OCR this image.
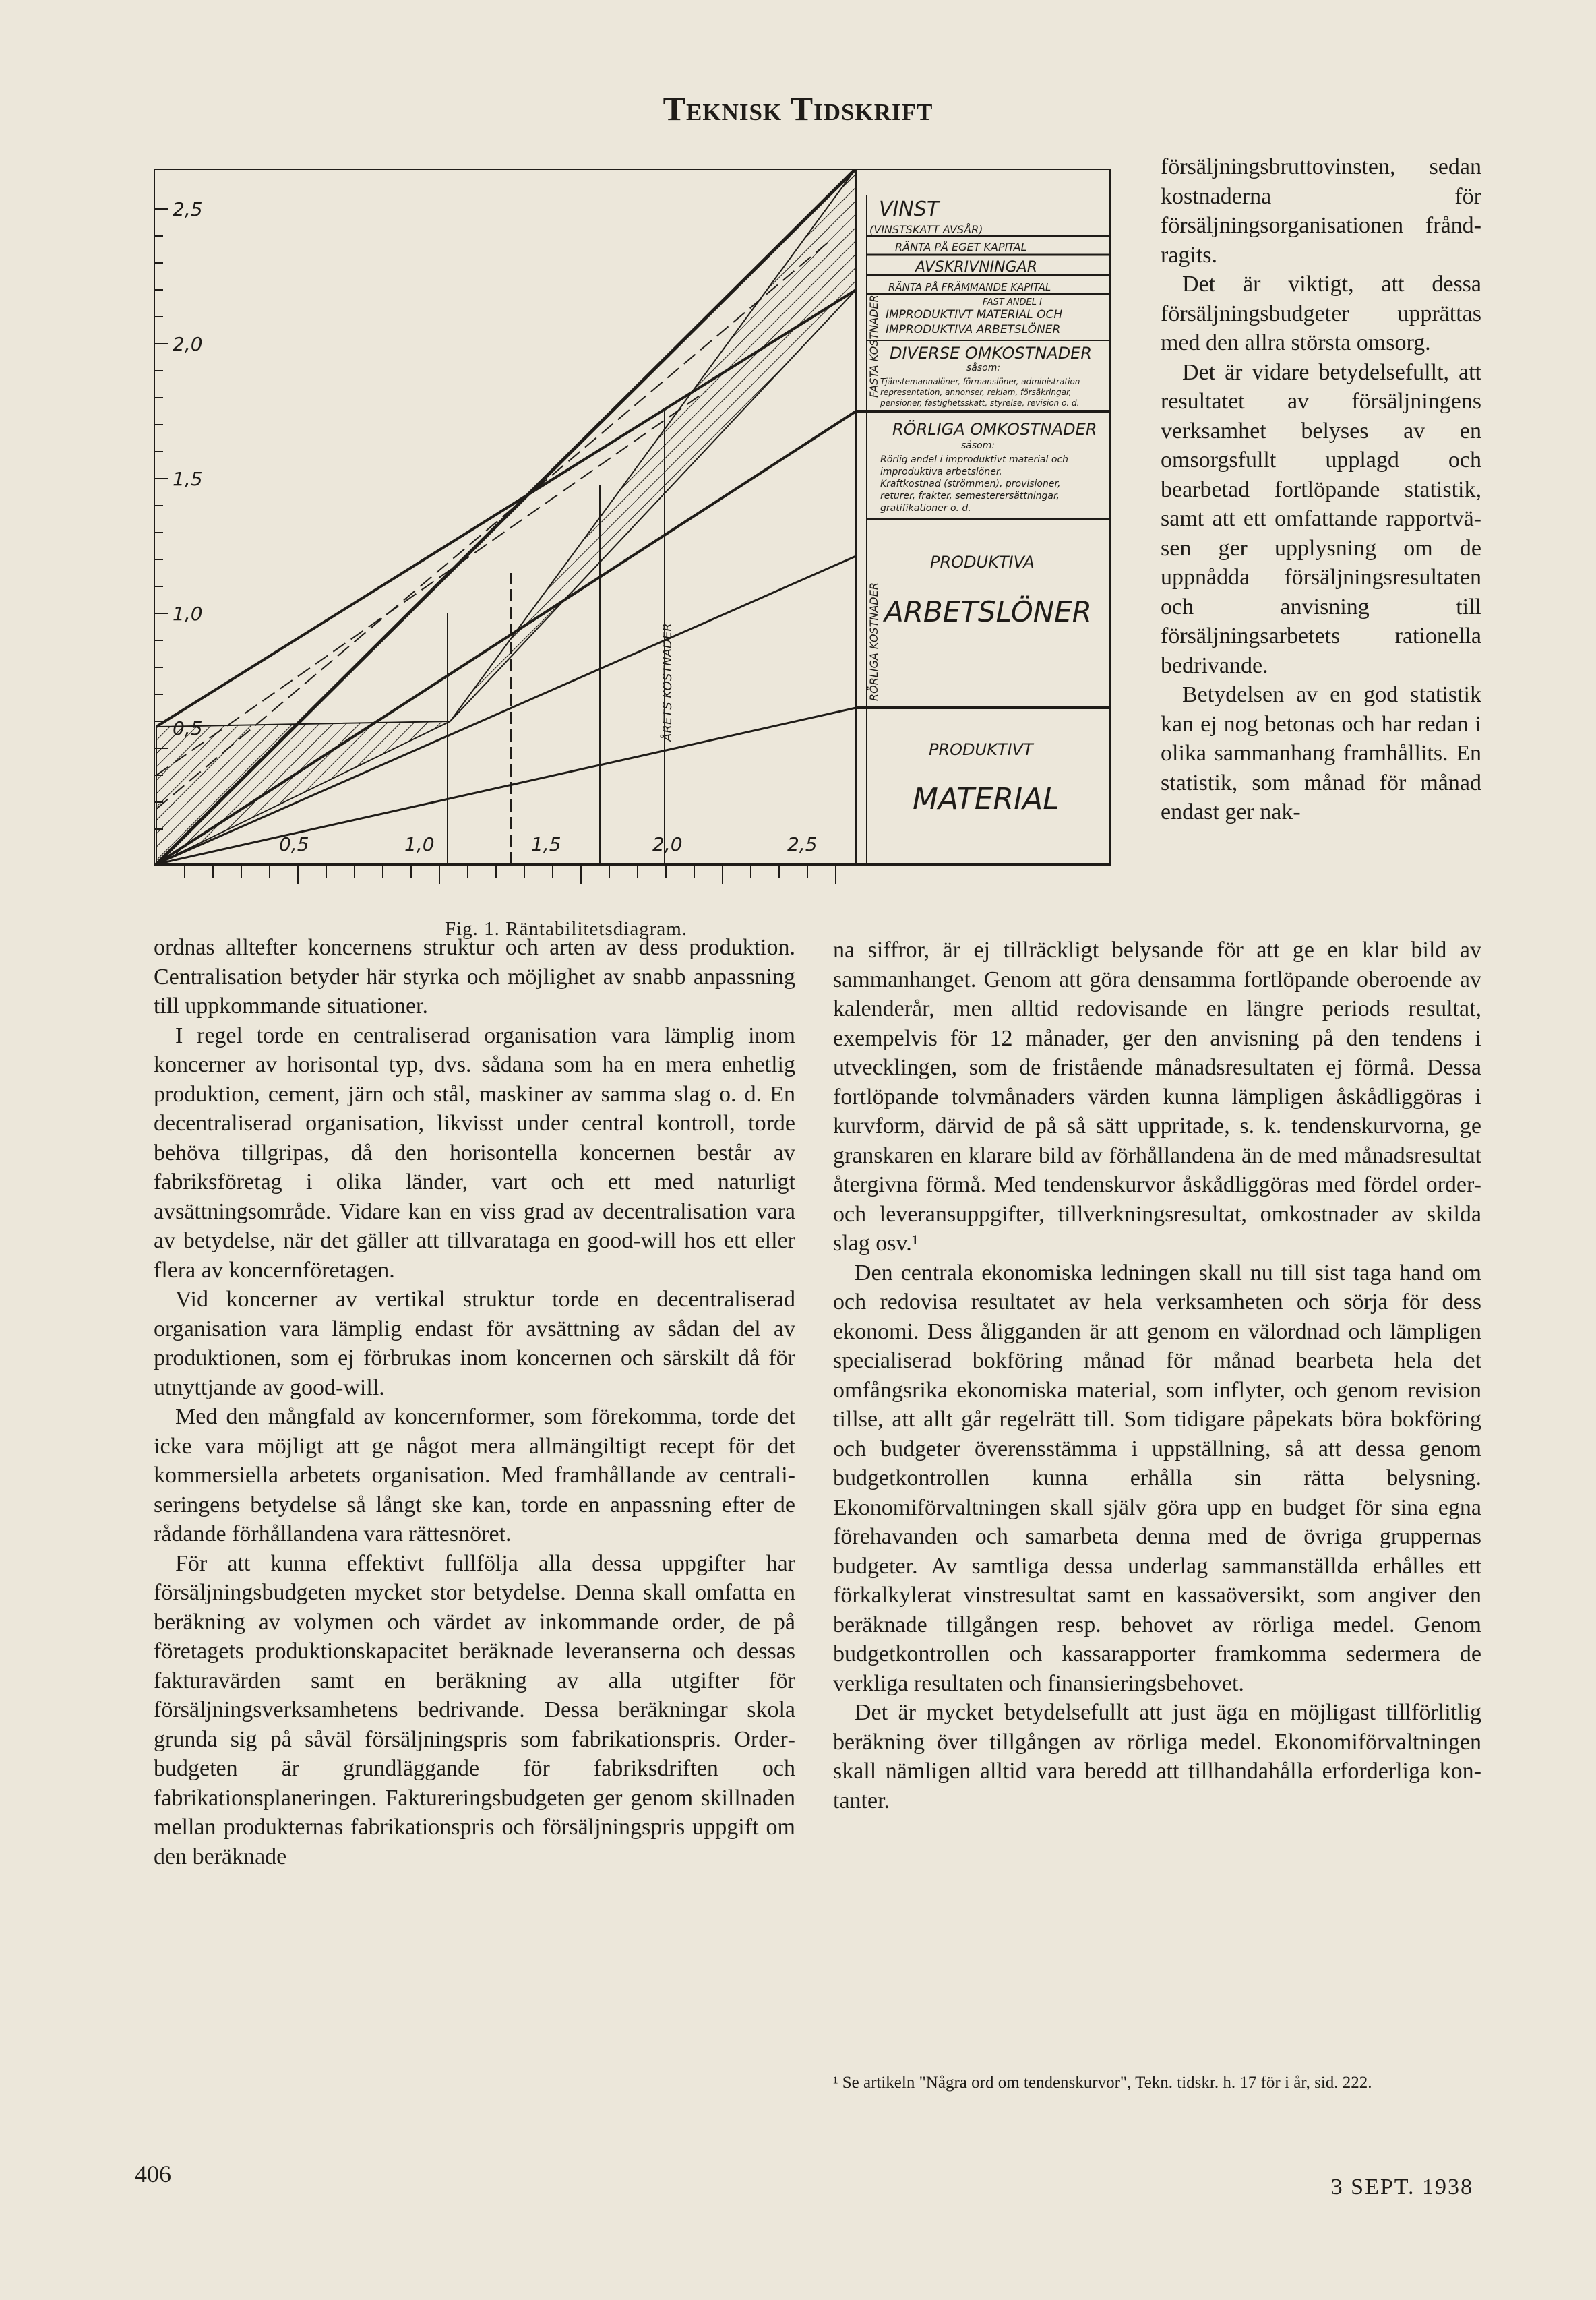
Teknisk Tidskrift
2,5
2,0
1,5
1,0
0,5
0,5	1,0	1,5	2,0	2,5
ÅRETS KOSTNADER
VINST
(VINSTSKATT AVSÅR)
RÄNTA PÅ EGET KAPITAL
AVSKRIVNINGAR
RÄNTA PÅ FRÄMMANDE KAPITAL
FAST ANDEL I
IMPRODUKTIVT MATERIAL OCH
IMPRODUKTIVA ARBETSLÖNER
DIVERSE OMKOSTNADER
såsom:
Tjänstemannalöner, förmanslöner, administration
representation, annonser, reklam, försäkringar,
pensioner, fastighetsskatt, styrelse, revision o. d.
FASTA KOSTNADER
RÖRLIGA OMKOSTNADER
såsom:
Rörlig andel i improduktivt material och
improduktiva arbetslöner.
Kraftkostnad (strömmen), provisioner,
returer, frakter, semesterersättningar,
gratifikationer o. d.
PRODUKTIVA
ARBETSLÖNER
RÖRLIGA KOSTNADER
PRODUKTIVT
MATERIAL
Fig. 1. Räntabilitetsdiagram.

försäljningsbruttovinsten, sedan kostnaderna för försäljningsorganisationen fråndragits.

Det är viktigt, att dessa försäljningsbudgeter upprättas med den allra största omsorg.

Det är vidare betydelsefullt, att resultatet av försäljningens verksamhet belyses av en omsorgsfullt upplagd och bearbetad fortlöpande statistik, samt att ett omfattande rapportväsen ger upplysning om de uppnådda försäljningsresultaten och anvisning till försäljningsarbetets rationella bedrivande.

Betydelsen av en god statistik kan ej nog betonas och har redan i olika sammanhang framhållits. En statistik, som månad för månad endast ger nak-

ordnas alltefter koncernens struktur och arten av dess produktion. Centralisation betyder här styrka och möjlighet av snabb anpassning till uppkommande situationer.

I regel torde en centraliserad organisation vara lämplig inom koncerner av horisontal typ, dvs. sådana som ha en mera enhetlig produktion, cement, järn och stål, maskiner av samma slag o. d. En decentraliserad organisation, likvisst under central kontroll, torde behöva tillgripas, då den horisontella koncernen består av fabriksföretag i olika länder, vart och ett med naturligt avsättningsområde. Vidare kan en viss grad av decentralisation vara av betydelse, när det gäller att tillvaratagа en good-will hos ett eller flera av koncernföretagen.

Vid koncerner av vertikal struktur torde en decentraliserad organisation vara lämplig endast för avsättning av sådan del av produktionen, som ej förbrukas inom koncernen och särskilt då för utnyttjande av good-will.

Med den mångfald av koncernformer, som förekomma, torde det icke vara möjligt att ge något mera allmängiltigt recept för det kommersiella arbetets organisation. Med framhållande av centraliseringens betydelse så långt ske kan, torde en anpassning efter de rådande förhållandena vara rättesnöret.

För att kunna effektivt fullfölja alla dessa uppgifter har försäljningsbudgeten mycket stor betydelse. Denna skall omfatta en beräkning av volymen och värdet av inkommande order, de på företagets produktionskapacitet beräknade leveranserna och dessas fakturavärden samt en beräkning av alla utgifter för försäljningsverksamhetens bedrivande. Dessa beräkningar skola grunda sig på såväl försäljningspris som fabrikationspris. Orderbudgeten är grundläggande för fabriksdriften och fabrikationsplaneringen. Faktureringsbudgeten ger genom skillnaden mellan produkternas fabrikationspris och försäljningspris uppgift om den beräknade

na siffror, är ej tillräckligt belysande för att ge en klar bild av sammanhanget. Genom att göra densamma fortlöpande oberoende av kalenderår, men alltid redovisande en längre periods resultat, exempelvis för 12 månader, ger den anvisning på den tendens i utvecklingen, som de fristående månadsresultaten ej förmå. Dessa fortlöpande tolvmånaders värden kunna lämpligen åskådliggöras i kurvform, därvid de på så sätt uppritade, s. k. tendenskurvorna, ge granskaren en klarare bild av förhållandena än de med månadsresultat återgivna förmå. Med tendenskurvor åskådliggöras med fördel order- och leveransuppgifter, tillverkningsresultat, omkostnader av skilda slag osv.¹

Den centrala ekonomiska ledningen skall nu till sist taga hand om och redovisa resultatet av hela verksamheten och sörja för dess ekonomi. Dess åligganden är att genom en välordnad och lämpligen specialiserad bokföring månad för månad bearbeta hela det omfångsrika ekonomiska material, som inflyter, och genom revision tillse, att allt går regelrätt till. Som tidigare påpekats böra bokföring och budgeter överensstämma i uppställning, så att dessa genom budgetkontrollen kunna erhålla sin rätta belysning. Ekonomiförvaltningen skall själv göra upp en budget för sina egna förehavanden och samarbeta denna med de övriga gruppernas budgeter. Av samtliga dessa underlag sammanställda erhålles ett förkalkylerat vinstresultat samt en kassaöversikt, som angiver den beräknade tillgången resp. behovet av rörliga medel. Genom budgetkontrollen och kassarapporter framkomma sedermera de verkliga resultaten och finansieringsbehovet.

Det är mycket betydelsefullt att just äga en möjligast tillförlitlig beräkning över tillgången av rörliga medel. Ekonomiförvaltningen skall nämligen alltid vara beredd att tillhandahålla erforderliga kontanter.

¹ Se artikeln "Några ord om tendenskurvor", Tekn. tidskr. h. 17 för i år, sid. 222.
406	3 SEPT. 1938
